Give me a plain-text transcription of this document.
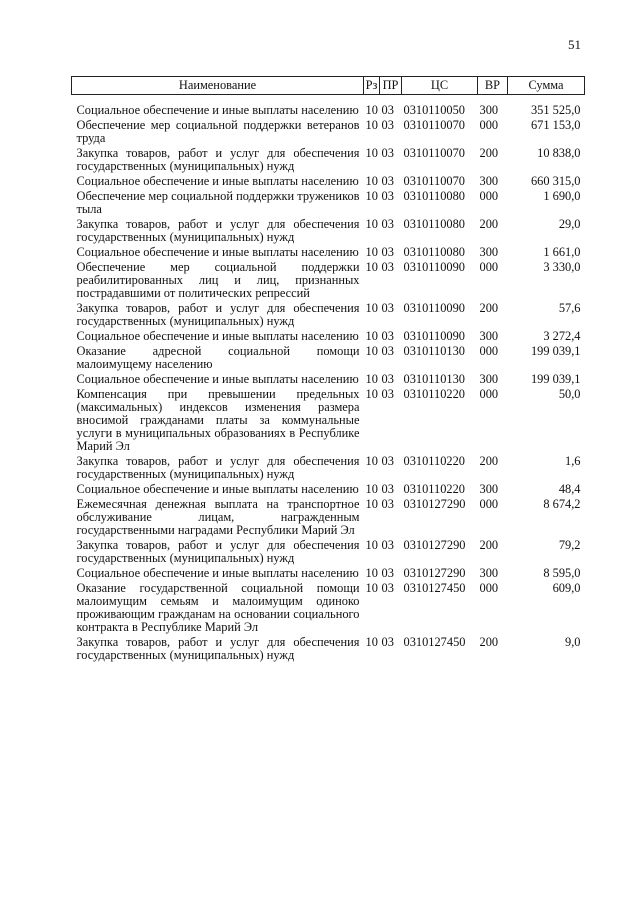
51
Наименование	Рз	ПР	ЦС	ВР	Сумма
Социальное обеспечение и иные выплаты населению	10	03	0310110050	300	351 525,0
Обеспечение мер социальной поддержки ветеранов труда	10	03	0310110070	000	671 153,0
Закупка товаров, работ и услуг для обеспечения государственных (муниципальных) нужд	10	03	0310110070	200	10 838,0
Социальное обеспечение и иные выплаты населению	10	03	0310110070	300	660 315,0
Обеспечение мер социальной поддержки тружеников тыла	10	03	0310110080	000	1 690,0
Закупка товаров, работ и услуг для обеспечения государственных (муниципальных) нужд	10	03	0310110080	200	29,0
Социальное обеспечение и иные выплаты населению	10	03	0310110080	300	1 661,0
Обеспечение мер социальной поддержки реабилитированных лиц и лиц, признанных пострадавшими от политических репрессий	10	03	0310110090	000	3 330,0
Закупка товаров, работ и услуг для обеспечения государственных (муниципальных) нужд	10	03	0310110090	200	57,6
Социальное обеспечение и иные выплаты населению	10	03	0310110090	300	3 272,4
Оказание адресной социальной помощи малоимущему населению	10	03	0310110130	000	199 039,1
Социальное обеспечение и иные выплаты населению	10	03	0310110130	300	199 039,1
Компенсация при превышении предельных (максимальных) индексов изменения размера вносимой гражданами платы за коммунальные услуги в муниципальных образованиях в Республике Марий Эл	10	03	0310110220	000	50,0
Закупка товаров, работ и услуг для обеспечения государственных (муниципальных) нужд	10	03	0310110220	200	1,6
Социальное обеспечение и иные выплаты населению	10	03	0310110220	300	48,4
Ежемесячная денежная выплата на транспортное обслуживание лицам, награжденным государственными наградами Республики Марий Эл	10	03	0310127290	000	8 674,2
Закупка товаров, работ и услуг для обеспечения государственных (муниципальных) нужд	10	03	0310127290	200	79,2
Социальное обеспечение и иные выплаты населению	10	03	0310127290	300	8 595,0
Оказание государственной социальной помощи малоимущим семьям и малоимущим одиноко проживающим гражданам на основании социального контракта в Республике Марий Эл	10	03	0310127450	000	609,0
Закупка товаров, работ и услуг для обеспечения государственных (муниципальных) нужд	10	03	0310127450	200	9,0
